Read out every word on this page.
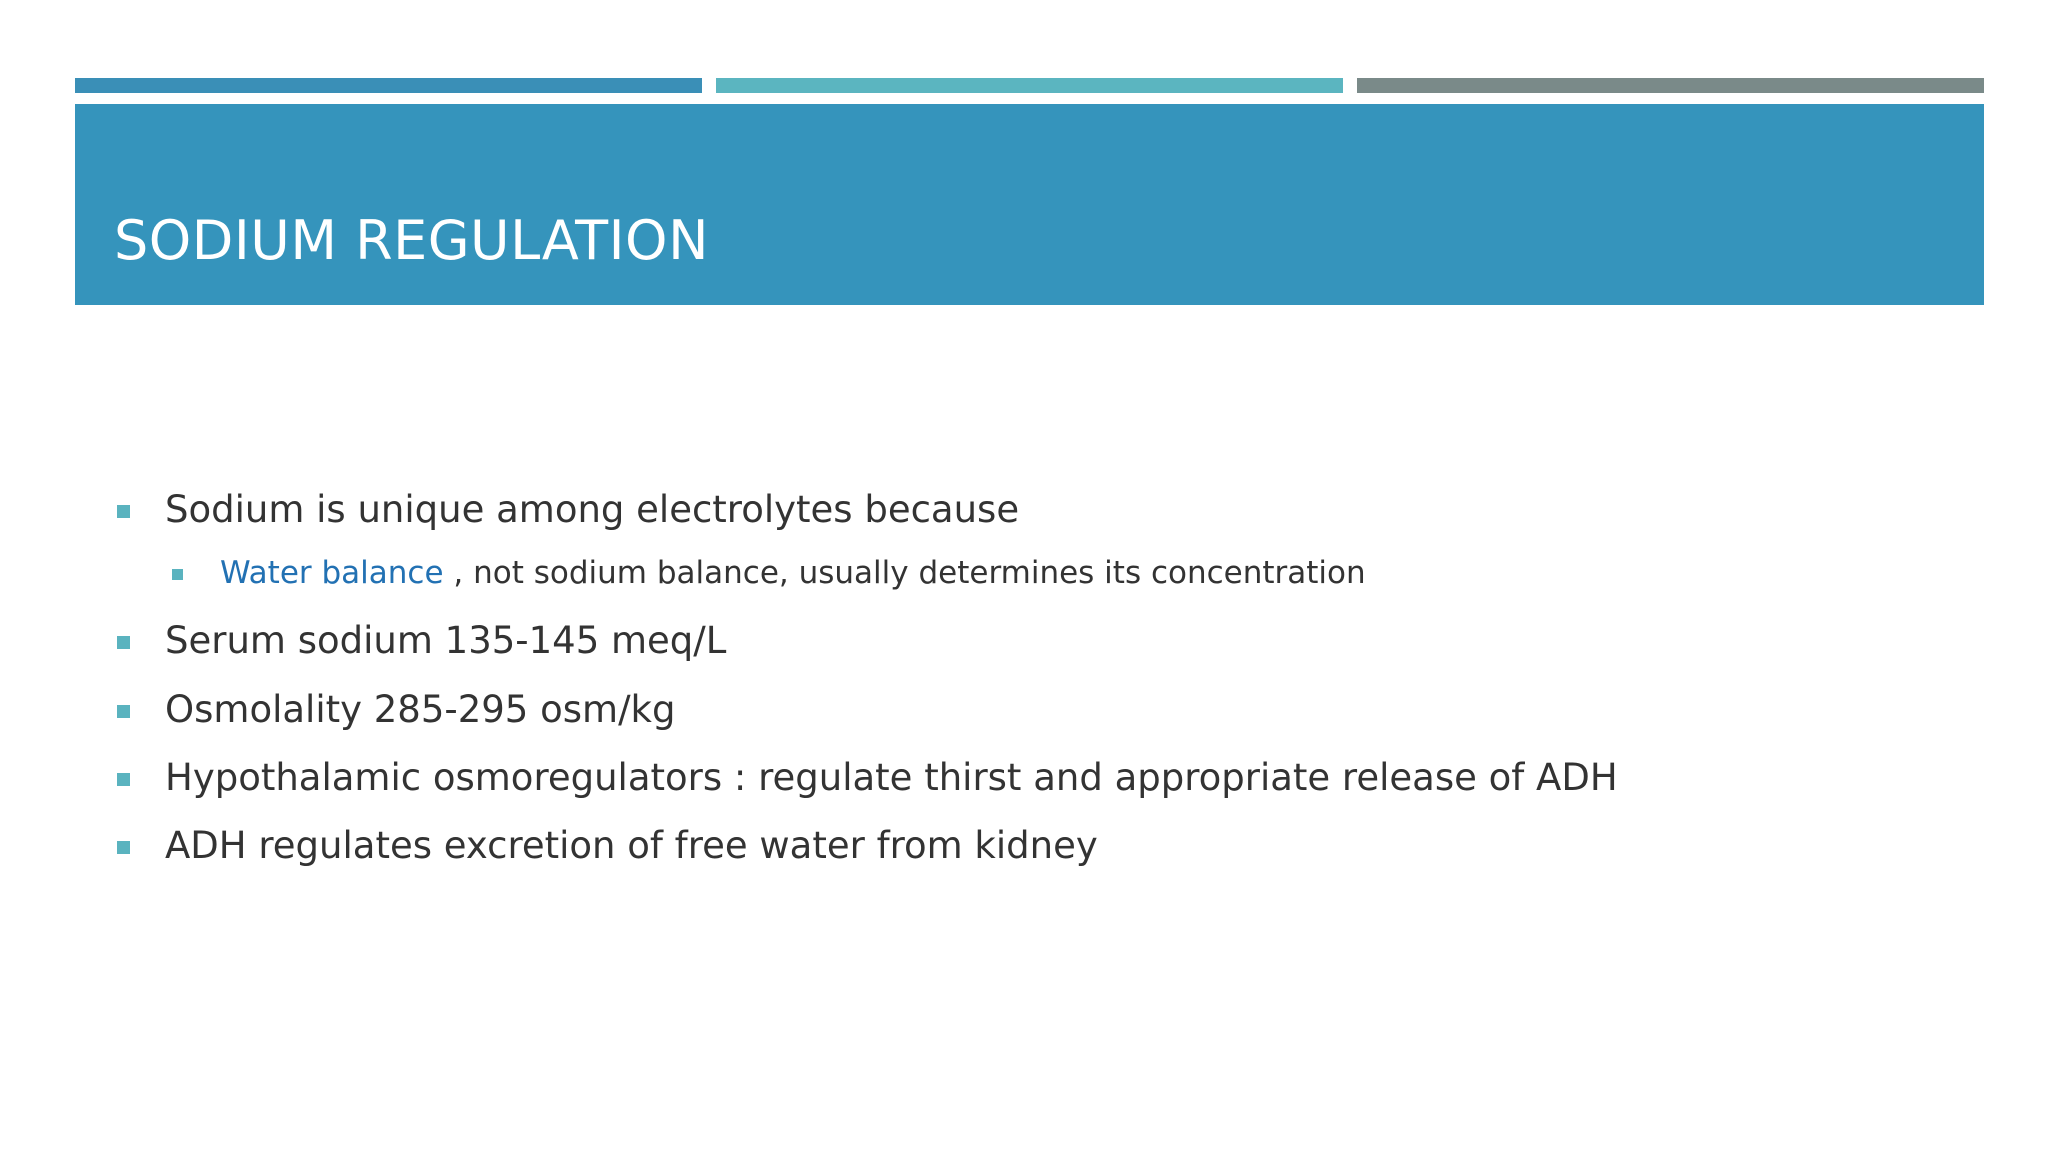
SODIUM REGULATION
Sodium is unique among electrolytes because
Water balance , not sodium balance, usually determines its concentration
Serum sodium 135-145 meq/L
Osmolality 285-295 osm/kg
Hypothalamic osmoregulators : regulate thirst and appropriate release of ADH
ADH regulates excretion of free water from kidney
